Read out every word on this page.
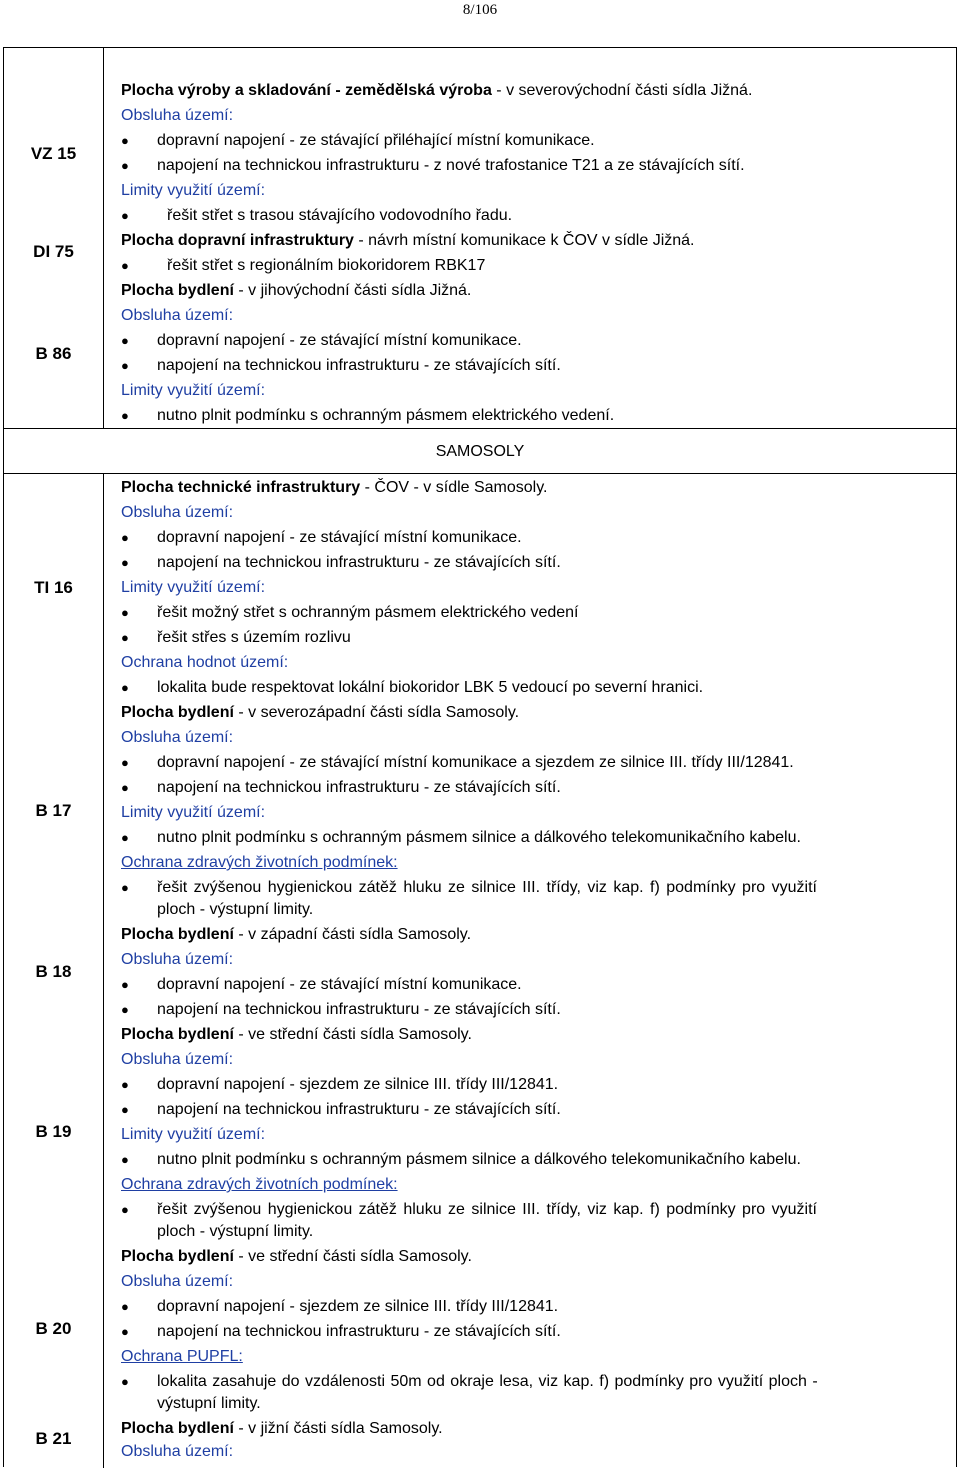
8/106
VZ 15
DI 75
B 86
SAMOSOLY
TI 16
B 17
B 18
B 19
B 20
B 21
Plocha výroby a skladování - zemědělská výroba - v severovýchodní části sídla Jižná.
Obsluha území:
● dopravní napojení - ze stávající přiléhající místní komunikace.
● napojení na technickou infrastrukturu - z nové trafostanice T21 a ze stávajících sítí.
Limity využití území:
● řešit střet s trasou stávajícího vodovodního řadu.
Plocha dopravní infrastruktury - návrh místní komunikace k ČOV v sídle Jižná.
● řešit střet s regionálním biokoridorem RBK17
Plocha bydlení - v jihovýchodní části sídla Jižná.
Obsluha území:
● dopravní napojení - ze stávající místní komunikace.
● napojení na technickou infrastrukturu - ze stávajících sítí.
Limity využití území:
● nutno plnit podmínku s ochranným pásmem elektrického vedení.
Plocha technické infrastruktury - ČOV - v sídle Samosoly.
Obsluha území:
● dopravní napojení - ze stávající místní komunikace.
● napojení na technickou infrastrukturu - ze stávajících sítí.
Limity využití území:
● řešit možný střet s ochranným pásmem elektrického vedení
● řešit střes s územím rozlivu
Ochrana hodnot území:
● lokalita bude respektovat lokální biokoridor LBK 5 vedoucí po severní hranici.
Plocha bydlení - v severozápadní části sídla Samosoly.
Obsluha území:
● dopravní napojení - ze stávající místní komunikace a sjezdem ze silnice III. třídy III/12841.
● napojení na technickou infrastrukturu - ze stávajících sítí.
Limity využití území:
● nutno plnit podmínku s ochranným pásmem silnice a dálkového telekomunikačního kabelu.
Ochrana zdravých životních podmínek:
● řešit zvýšenou hygienickou zátěž hluku ze silnice III. třídy, viz kap. f) podmínky pro využití
ploch - výstupní limity.
Plocha bydlení - v západní části sídla Samosoly.
Obsluha území:
● dopravní napojení - ze stávající místní komunikace.
● napojení na technickou infrastrukturu - ze stávajících sítí.
Plocha bydlení - ve střední části sídla Samosoly.
Obsluha území:
● dopravní napojení - sjezdem ze silnice III. třídy III/12841.
● napojení na technickou infrastrukturu - ze stávajících sítí.
Limity využití území:
● nutno plnit podmínku s ochranným pásmem silnice a dálkového telekomunikačního kabelu.
Ochrana zdravých životních podmínek:
● řešit zvýšenou hygienickou zátěž hluku ze silnice III. třídy, viz kap. f) podmínky pro využití
ploch - výstupní limity.
Plocha bydlení - ve střední části sídla Samosoly.
Obsluha území:
● dopravní napojení - sjezdem ze silnice III. třídy III/12841.
● napojení na technickou infrastrukturu - ze stávajících sítí.
Ochrana PUPFL:
● lokalita zasahuje do vzdálenosti 50m od okraje lesa, viz kap. f) podmínky pro využití ploch -
výstupní limity.
Plocha bydlení - v jižní části sídla Samosoly.
Obsluha území:
